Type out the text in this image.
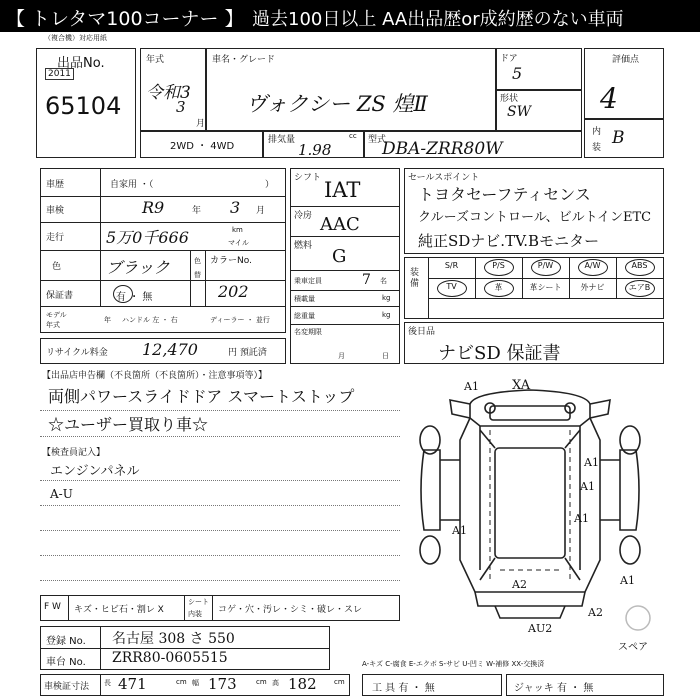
【 トレタマ100コーナー 】 過去100日以上 AA出品歴or成約歴のない車両
（複合機）対応用紙
出品No.
2011
65104
年式
令和3
3
月
車名・グレード
ヴォクシー ZS 煌Ⅱ
ドア
5
形状
SW
2WD ・ 4WD
排気量	cc
1.98
型式
DBA-ZRR80W
評価点
4
内
装 B
車歴	自家用 ・（	）
車検	R9	年 3 月
走行	5万0千666	km
マイル
色	ブラック	色
替
カラーNo.
202
保証書	有 ・ 無
モデル
年式
年 ハンドル 左 ・ 右	ディーラー ・ 並行
リサイクル料金 12,470	円 預託済
シフト IAT
冷房 AAC
燃料 G
乗車定員	7 名
積載量	kg
総重量	kg
名変期限
月	日
セールスポイント
トヨタセーフティセンス
クルーズコントロール、ビルトインETC
純正SDナビ.TV.Bモニター
装備
S/R	P/S	P/W	A/W	ABS
TV	革	革シート	外ナビ	エアB
後日品
ナビSD 保証書
【出品店申告欄（不良箇所（不良箇所）・注意事項等）】
両側パワースライドドア スマートストップ
☆ユーザー買取り車☆
【検査員記入】
エンジンパネル
A-U
A1	XA
A1
A1
A1
A1
A2	A1
AU2
A2
スペア
F W キズ・ヒビ石・割レ X
シート
内装 コゲ・穴・汚レ・シミ・破レ・スレ
登録 No. 名古屋 308 さ 550
車台 No. ZRR80-0605515	A-キズ C-腐食 E-エクボ S-サビ U-凹ミ W-補修 XX-交換済
車検証寸法 長 471	cm 幅 173	cm 高 182 cm
工 具 有 ・ 無	ジャッキ 有 ・ 無
